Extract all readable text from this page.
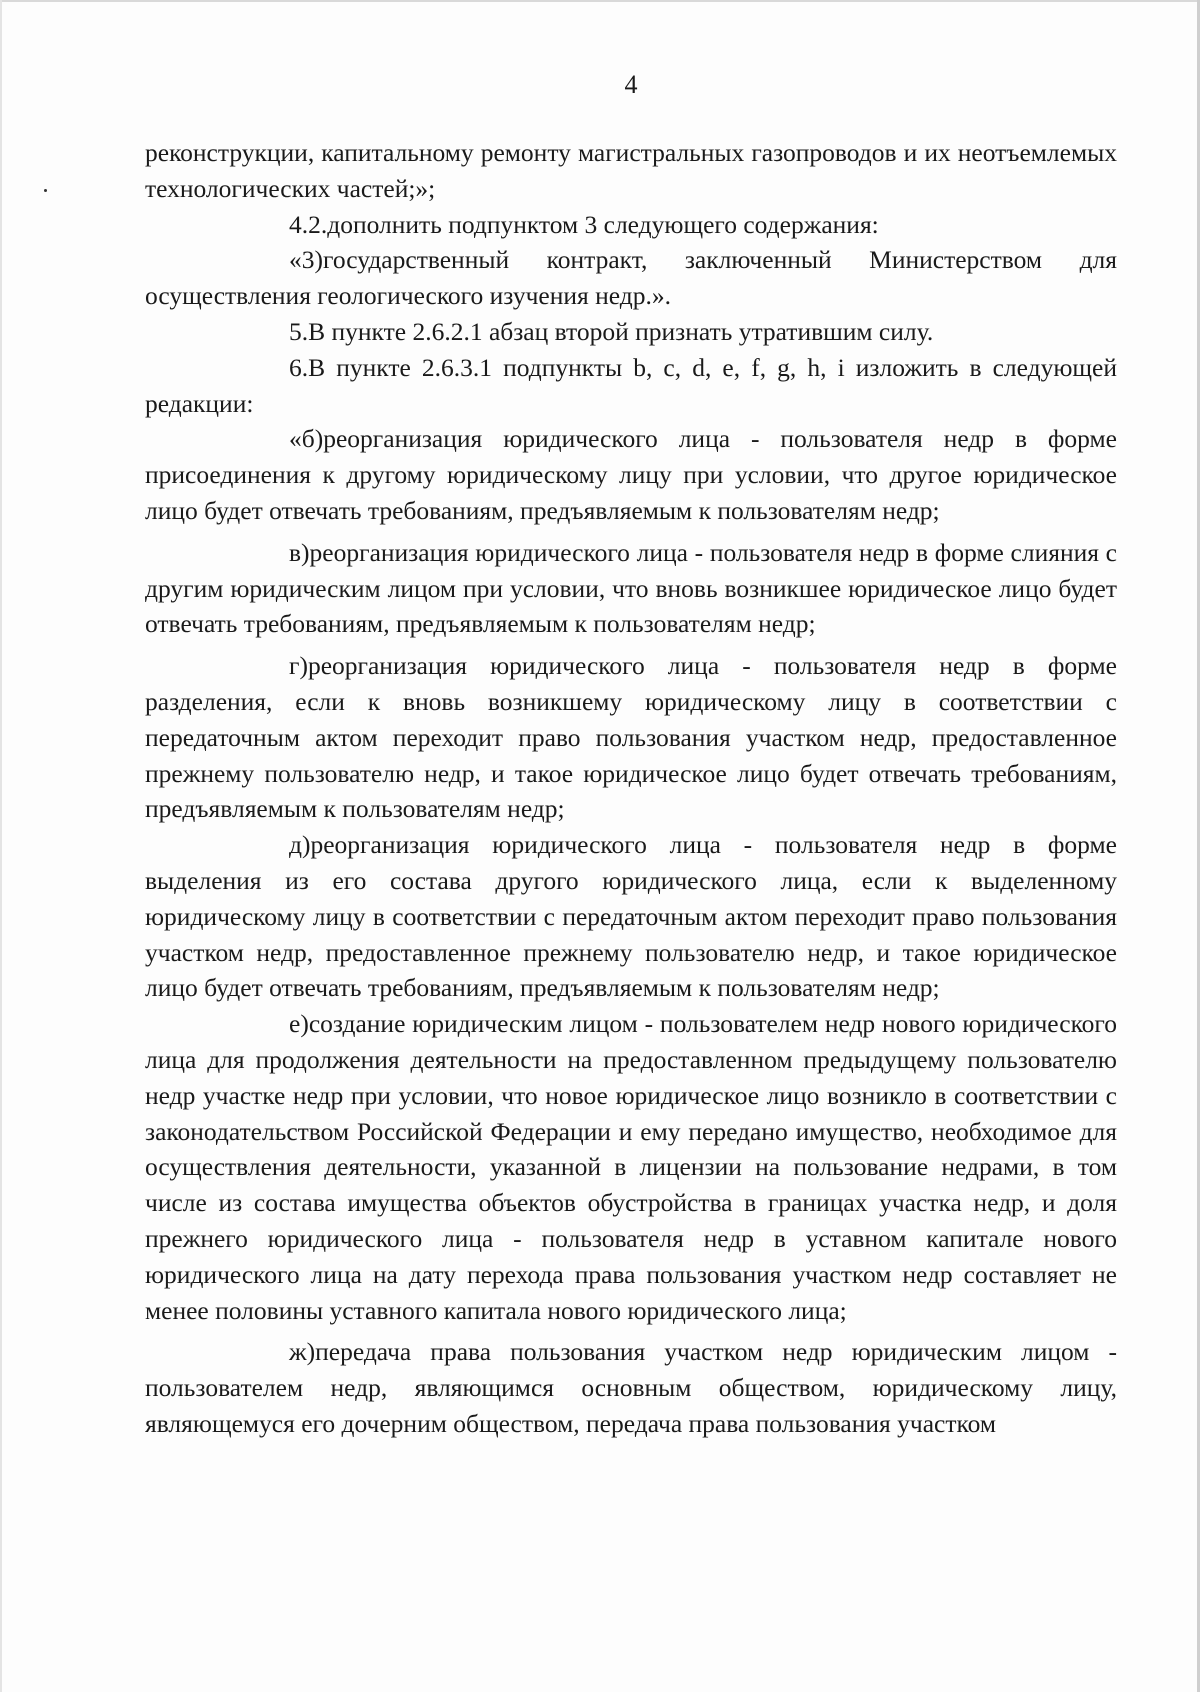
4

реконструкции, капитальному ремонту магистральных газопроводов и их неотъемлемых технологических частей;»;

4.2.дополнить подпунктом 3 следующего содержания:

«3)государственный контракт, заключенный Министерством для осуществления геологического изучения недр.».

5.В пункте 2.6.2.1 абзац второй признать утратившим силу.

6.В пункте 2.6.3.1 подпункты b, c, d, e, f, g, h, i изложить в следующей редакции:

«б)реорганизация юридического лица - пользователя недр в форме присоединения к другому юридическому лицу при условии, что другое юридическое лицо будет отвечать требованиям, предъявляемым к пользователям недр;

в)реорганизация юридического лица - пользователя недр в форме слияния с другим юридическим лицом при условии, что вновь возникшее юридическое лицо будет отвечать требованиям, предъявляемым к пользователям недр;

г)реорганизация юридического лица - пользователя недр в форме разделения, если к вновь возникшему юридическому лицу в соответствии с передаточным актом переходит право пользования участком недр, предоставленное прежнему пользователю недр, и такое юридическое лицо будет отвечать требованиям, предъявляемым к пользователям недр;

д)реорганизация юридического лица - пользователя недр в форме выделения из его состава другого юридического лица, если к выделенному юридическому лицу в соответствии с передаточным актом переходит право пользования участком недр, предоставленное прежнему пользователю недр, и такое юридическое лицо будет отвечать требованиям, предъявляемым к пользователям недр;

е)создание юридическим лицом - пользователем недр нового юридического лица для продолжения деятельности на предоставленном предыдущему пользователю недр участке недр при условии, что новое юридическое лицо возникло в соответствии с законодательством Российской Федерации и ему передано имущество, необходимое для осуществления деятельности, указанной в лицензии на пользование недрами, в том числе из состава имущества объектов обустройства в границах участка недр, и доля прежнего юридического лица - пользователя недр в уставном капитале нового юридического лица на дату перехода права пользования участком недр составляет не менее половины уставного капитала нового юридического лица;

ж)передача права пользования участком недр юридическим лицом - пользователем недр, являющимся основным обществом, юридическому лицу, являющемуся его дочерним обществом, передача права пользования участком
